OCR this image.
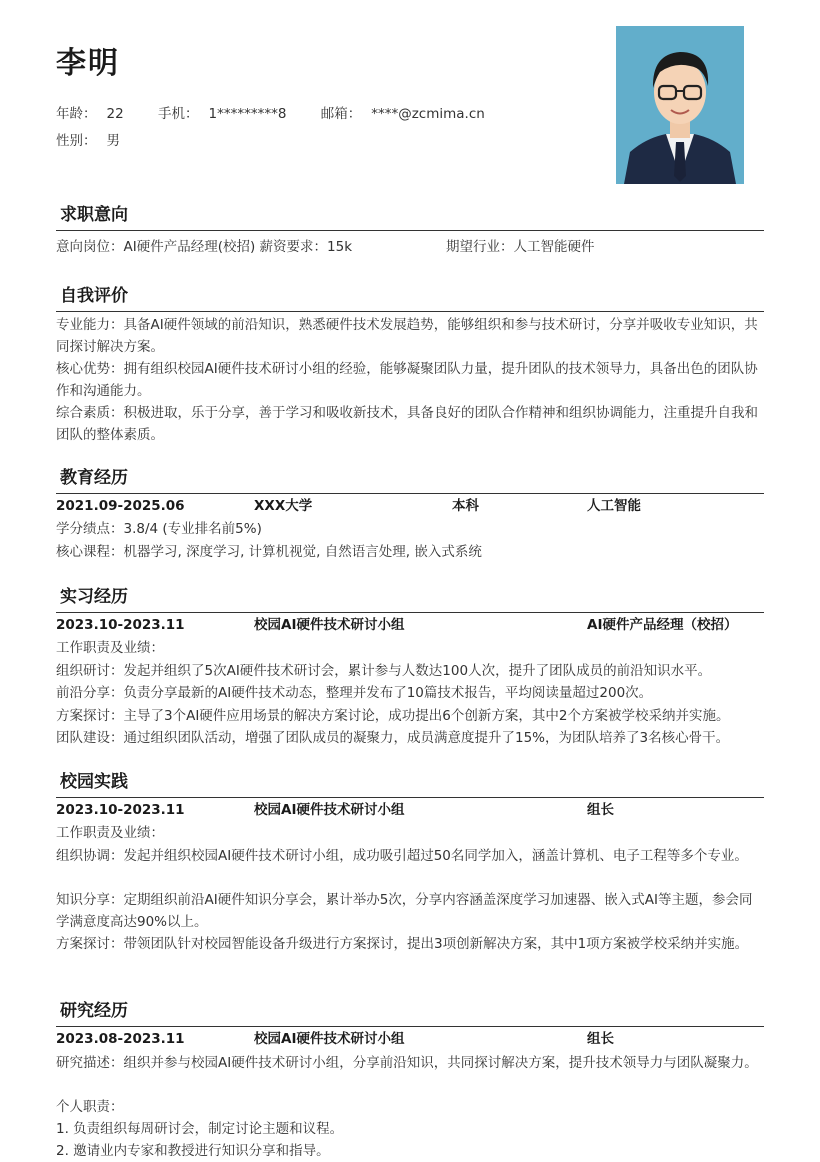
李明
年龄： 22	手机： 1*********8	邮箱： ****@zcmima.cn
性别： 男
求职意向
意向岗位：AI硬件产品经理(校招) 薪资要求：15k	期望行业：人工智能硬件
自我评价
专业能力：具备AI硬件领域的前沿知识，熟悉硬件技术发展趋势，能够组织和参与技术研讨，分享并吸收专业知识，共同探讨解决方案。
核心优势：拥有组织校园AI硬件技术研讨小组的经验，能够凝聚团队力量，提升团队的技术领导力，具备出色的团队协作和沟通能力。
综合素质：积极进取，乐于分享，善于学习和吸收新技术，具备良好的团队合作精神和组织协调能力，注重提升自我和团队的整体素质。
教育经历
2021.09-2025.06	XXX大学	本科	人工智能
学分绩点：3.8/4 (专业排名前5%)
核心课程：机器学习, 深度学习, 计算机视觉, 自然语言处理, 嵌入式系统
实习经历
2023.10-2023.11	校园AI硬件技术研讨小组	AI硬件产品经理（校招）
工作职责及业绩：
组织研讨：发起并组织了5次AI硬件技术研讨会，累计参与人数达100人次，提升了团队成员的前沿知识水平。
前沿分享：负责分享最新的AI硬件技术动态，整理并发布了10篇技术报告，平均阅读量超过200次。
方案探讨：主导了3个AI硬件应用场景的解决方案讨论，成功提出6个创新方案，其中2个方案被学校采纳并实施。
团队建设：通过组织团队活动，增强了团队成员的凝聚力，成员满意度提升了15%，为团队培养了3名核心骨干。
校园实践
2023.10-2023.11	校园AI硬件技术研讨小组	组长
工作职责及业绩：
组织协调：发起并组织校园AI硬件技术研讨小组，成功吸引超过50名同学加入，涵盖计算机、电子工程等多个专业。
知识分享：定期组织前沿AI硬件知识分享会，累计举办5次，分享内容涵盖深度学习加速器、嵌入式AI等主题，参会同学满意度高达90%以上。
方案探讨：带领团队针对校园智能设备升级进行方案探讨，提出3项创新解决方案，其中1项方案被学校采纳并实施。
研究经历
2023.08-2023.11	校园AI硬件技术研讨小组	组长
研究描述：组织并参与校园AI硬件技术研讨小组，分享前沿知识，共同探讨解决方案，提升技术领导力与团队凝聚力。
个人职责：
1. 负责组织每周研讨会，制定讨论主题和议程。
2. 邀请业内专家和教授进行知识分享和指导。
